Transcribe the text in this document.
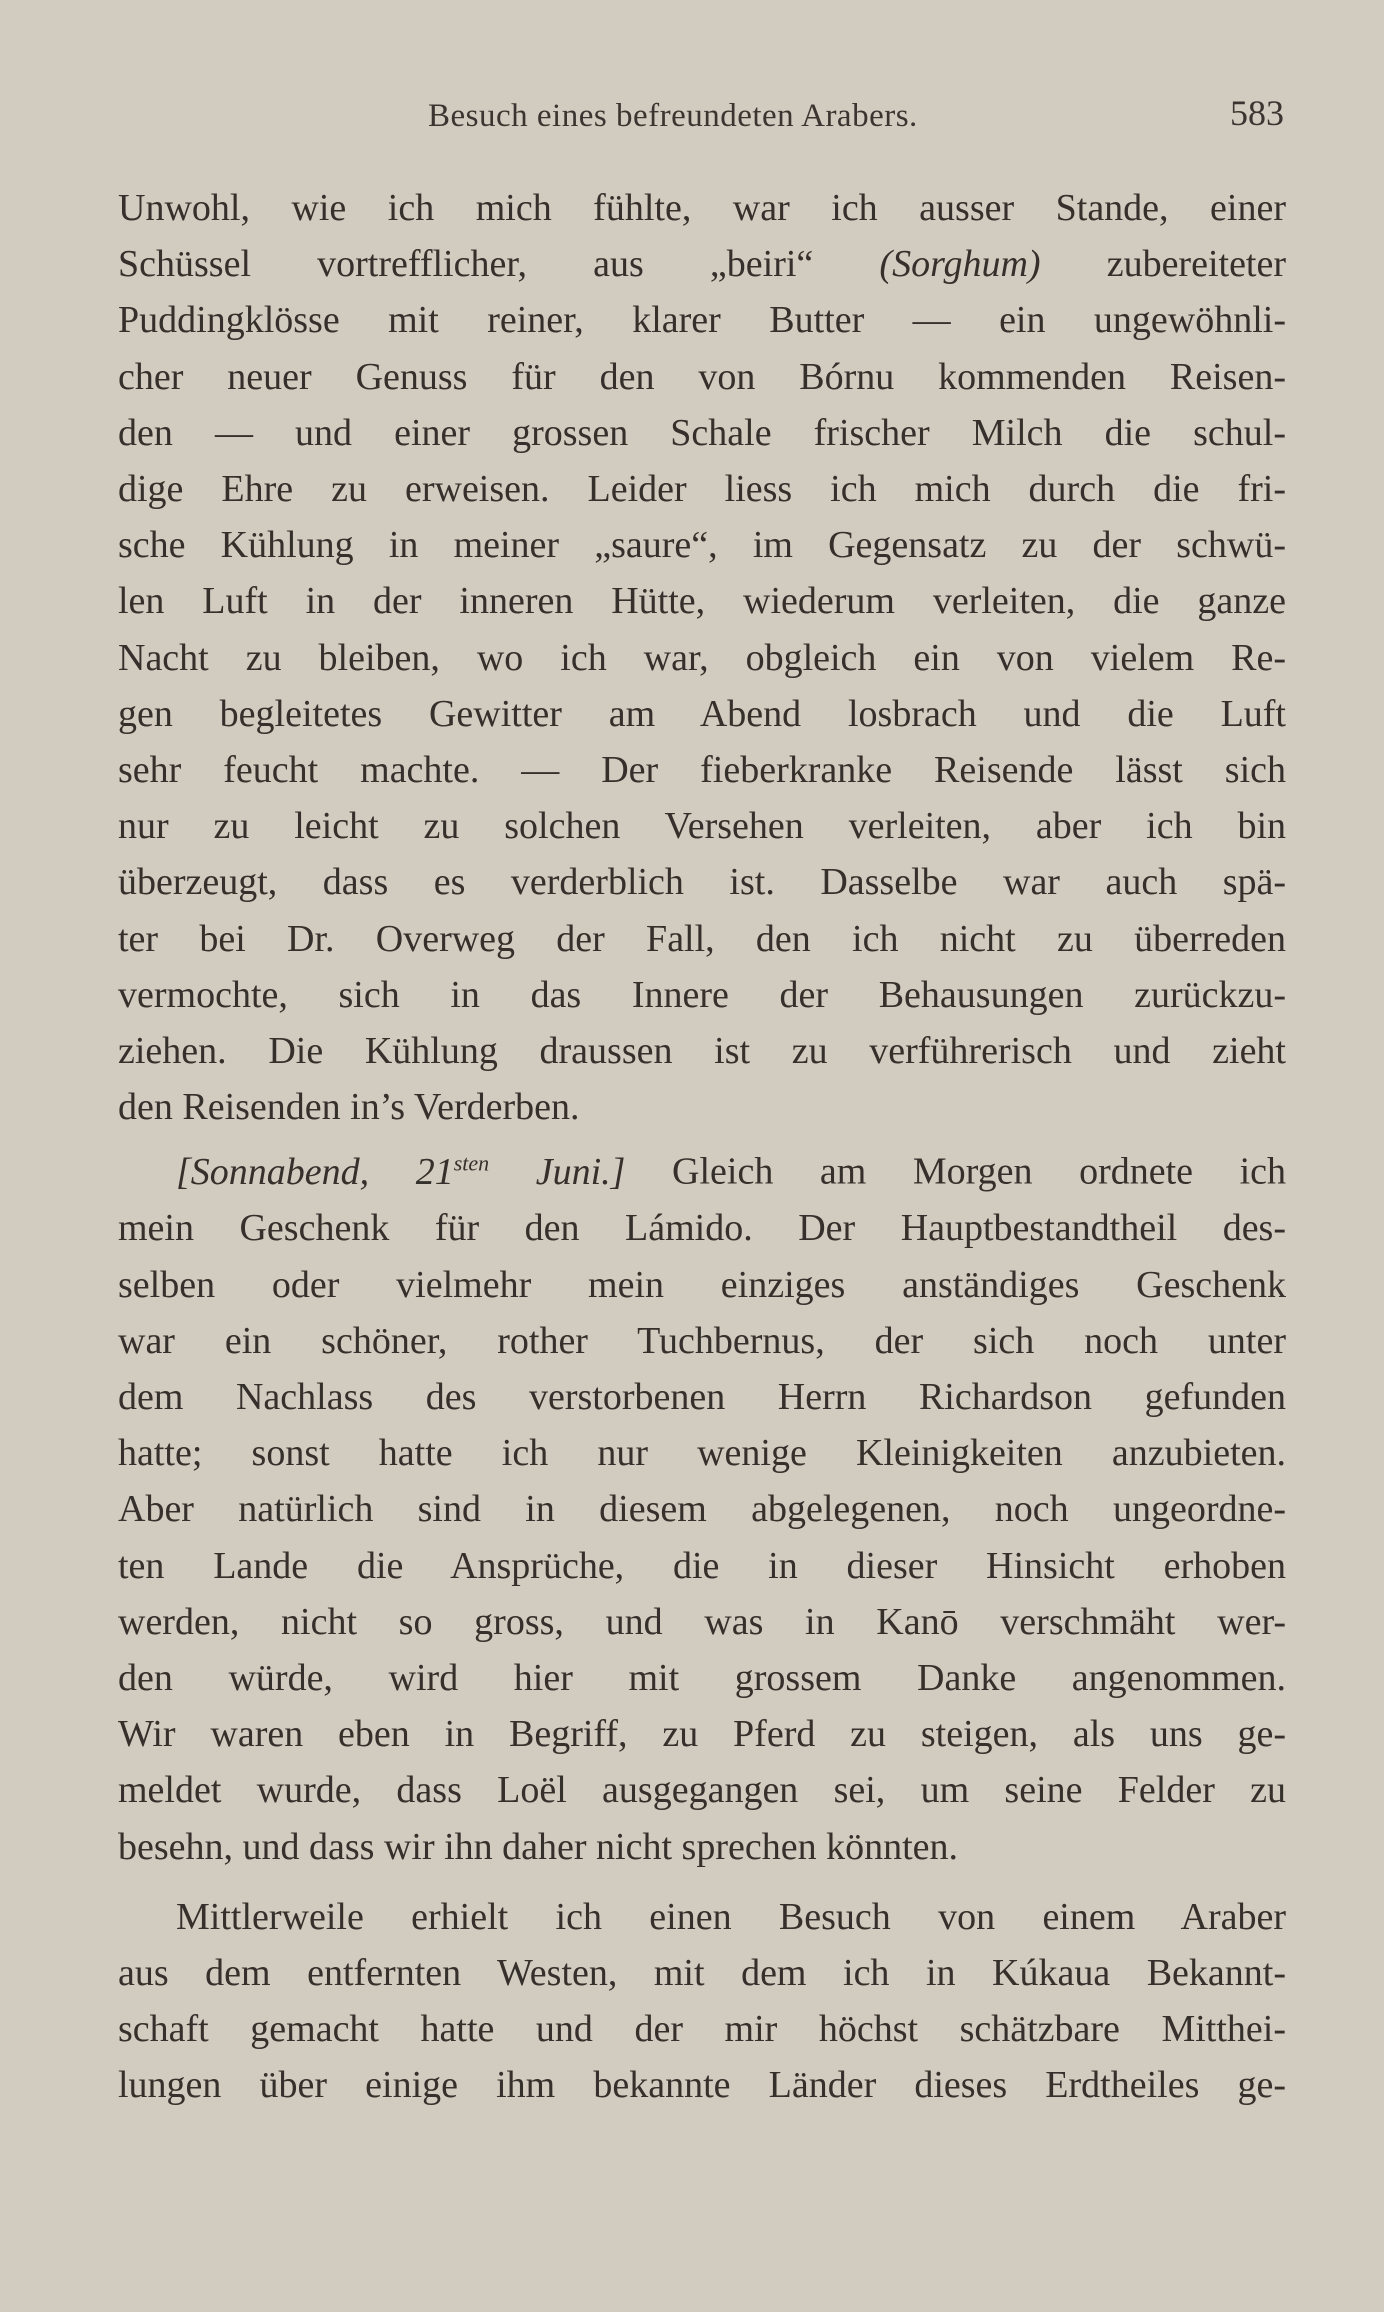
Besuch eines befreundeten Arabers.	583

Unwohl, wie ich mich fühlte, war ich ausser Stande, einer
Schüssel vortrefflicher, aus „beiri“ (Sorghum) zubereiteter
Puddingklösse mit reiner, klarer Butter — ein ungewöhnli-
cher neuer Genuss für den von Bórnu kommenden Reisen-
den — und einer grossen Schale frischer Milch die schul-
dige Ehre zu erweisen. Leider liess ich mich durch die fri-
sche Kühlung in meiner „saure“, im Gegensatz zu der schwü-
len Luft in der inneren Hütte, wiederum verleiten, die ganze
Nacht zu bleiben, wo ich war, obgleich ein von vielem Re-
gen begleitetes Gewitter am Abend losbrach und die Luft
sehr feucht machte. — Der fieberkranke Reisende lässt sich
nur zu leicht zu solchen Versehen verleiten, aber ich bin
überzeugt, dass es verderblich ist. Dasselbe war auch spä-
ter bei Dr. Overweg der Fall, den ich nicht zu überreden
vermochte, sich in das Innere der Behausungen zurückzu-
ziehen. Die Kühlung draussen ist zu verführerisch und zieht
den Reisenden in’s Verderben.

[Sonnabend, $21^{sten}$ Juni.] Gleich am Morgen ordnete ich
mein Geschenk für den Lámido. Der Hauptbestandtheil des-
selben oder vielmehr mein einziges anständiges Geschenk
war ein schöner, rother Tuchbernus, der sich noch unter
dem Nachlass des verstorbenen Herrn Richardson gefunden
hatte; sonst hatte ich nur wenige Kleinigkeiten anzubieten.
Aber natürlich sind in diesem abgelegenen, noch ungeordne-
ten Lande die Ansprüche, die in dieser Hinsicht erhoben
werden, nicht so gross, und was in Kanō verschmäht wer-
den würde, wird hier mit grossem Danke angenommen.
Wir waren eben in Begriff, zu Pferd zu steigen, als uns ge-
meldet wurde, dass Loël ausgegangen sei, um seine Felder zu
besehn, und dass wir ihn daher nicht sprechen könnten.

Mittlerweile erhielt ich einen Besuch von einem Araber
aus dem entfernten Westen, mit dem ich in Kúkaua Bekannt-
schaft gemacht hatte und der mir höchst schätzbare Mitthei-
lungen über einige ihm bekannte Länder dieses Erdtheiles ge-
